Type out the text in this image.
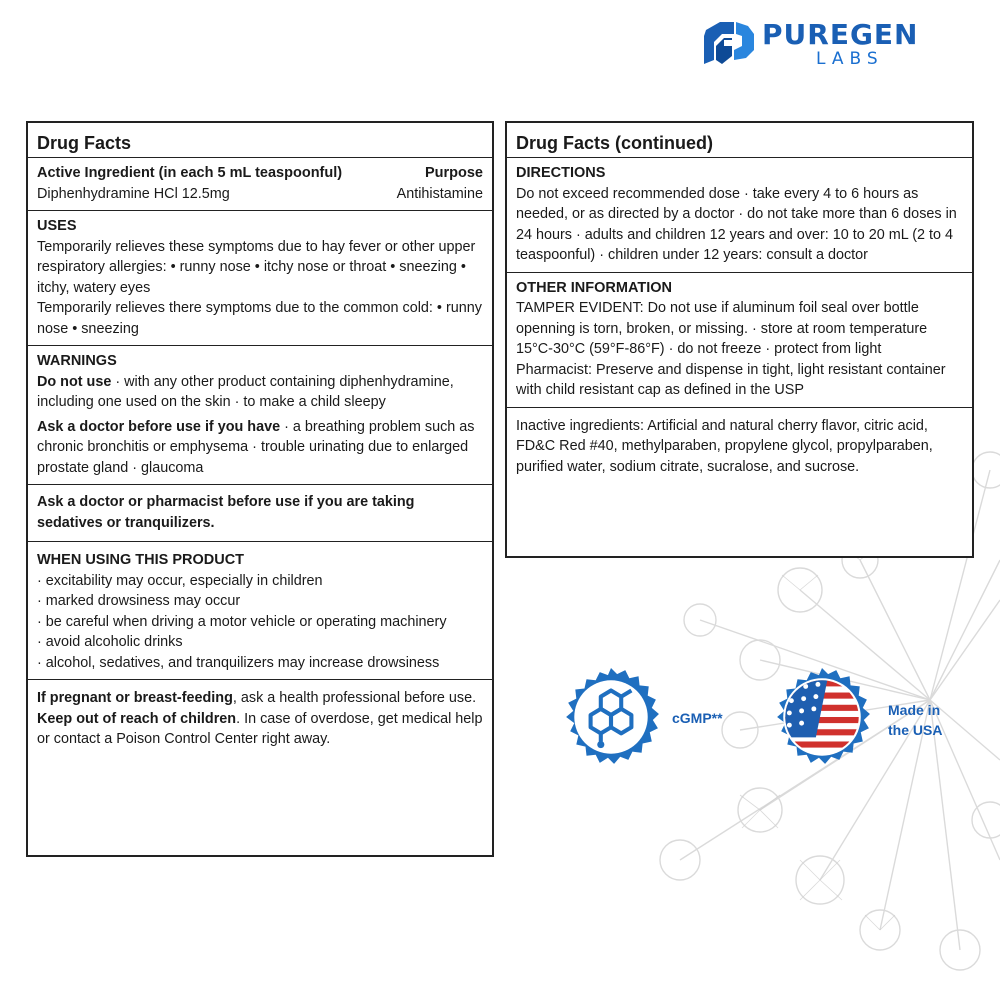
PUREGEN
LABS
Drug Facts
Active Ingredient (in each 5 mL teaspoonful)	Purpose
Diphenhydramine HCl 12.5mg	Antihistamine
USES

Temporarily relieves these symptoms due to hay fever or other upper respiratory allergies: • runny nose • itchy nose or throat • sneezing • itchy, watery eyes

Temporarily relieves there symptoms due to the common cold: • runny nose • sneezing

WARNINGS

Do not use · with any other product containing diphenhydramine, including one used on the skin · to make a child sleepy

Ask a doctor before use if you have · a breathing problem such as chronic bronchitis or emphysema · trouble urinating due to enlarged prostate gland · glaucoma

Ask a doctor or pharmacist before use if you are taking sedatives or tranquilizers.

WHEN USING THIS PRODUCT

· excitability may occur, especially in children

· marked drowsiness may occur

· be careful when driving a motor vehicle or operating machinery

· avoid alcoholic drinks

· alcohol, sedatives, and tranquilizers may increase drowsiness

If pregnant or breast-feeding, ask a health professional before use. Keep out of reach of children. In case of overdose, get medical help or contact a Poison Control Center right away.

Drug Facts (continued)
DIRECTIONS

Do not exceed recommended dose · take every 4 to 6 hours as needed, or as directed by a doctor · do not take more than 6 doses in 24 hours · adults and children 12 years and over: 10 to 20 mL (2 to 4 teaspoonful) · children under 12 years: consult a doctor

OTHER INFORMATION

TAMPER EVIDENT: Do not use if aluminum foil seal over bottle openning is torn, broken, or missing. · store at room temperature 15°C-30°C (59°F-86°F) · do not freeze · protect from light

Pharmacist: Preserve and dispense in tight, light resistant container with child resistant cap as defined in the USP

Inactive ingredients: Artificial and natural cherry flavor, citric acid, FD&C Red #40, methylparaben, propylene glycol, propylparaben, purified water, sodium citrate, sucralose, and sucrose.

cGMP**	Made in
the USA
